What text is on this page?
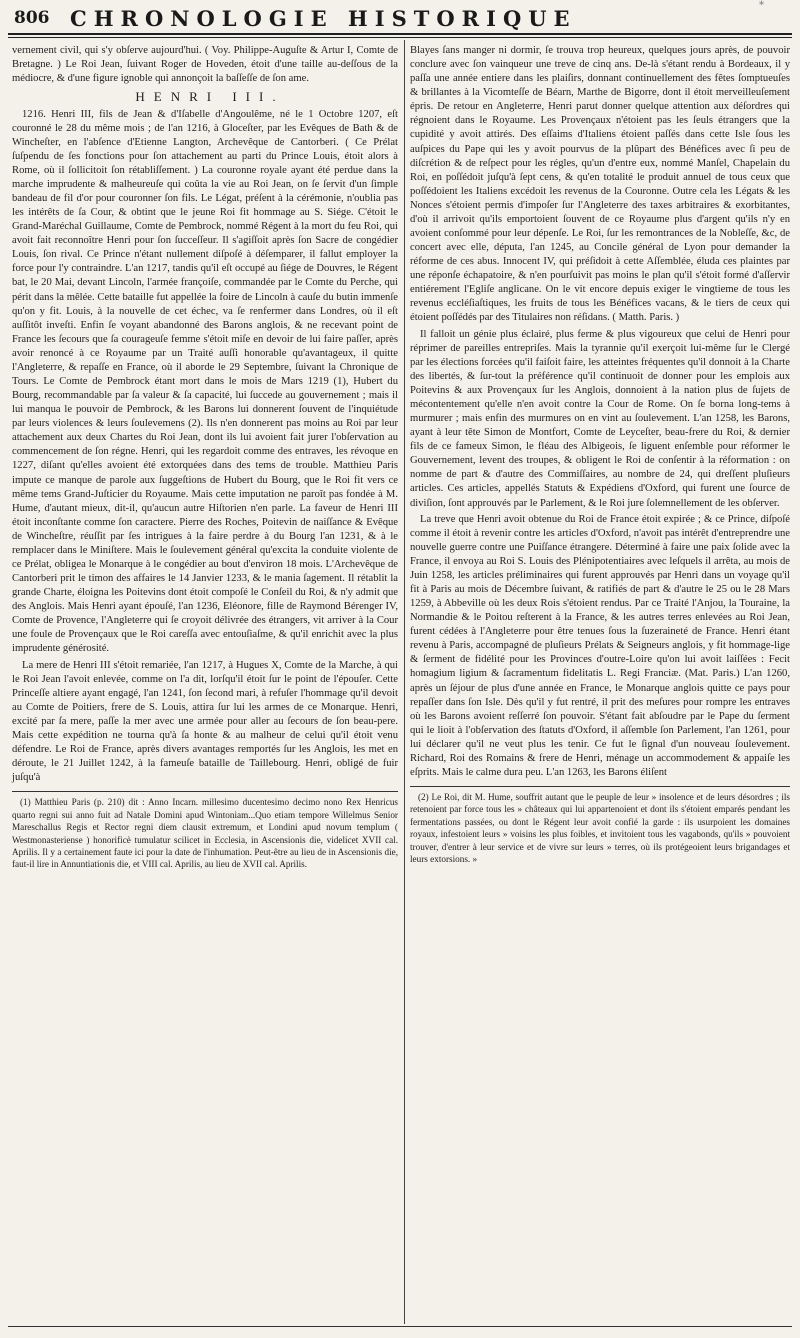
806 CHRONOLOGIE HISTORIQUE
*

vernement civil, qui s'y obſerve aujourd'hui. ( Voy. Philippe-Auguſte & Artur I, Comte de Bretagne. ) Le Roi Jean, ſuivant Roger de Hoveden, étoit d'une taille au-deſſous de la médiocre, & d'une figure ignoble qui annonçoit la baſſeſſe de ſon ame.

HENRI III.

1216. Henri III, fils de Jean & d'Iſabelle d'Angoulême, né le 1 Octobre 1207, eſt couronné le 28 du même mois ; de l'an 1216, à Gloceſter, par les Evêques de Bath & de Wincheſter, en l'abſence d'Etienne Langton, Archevêque de Cantorberi. ( Ce Prélat ſuſpendu de ſes fonctions pour ſon attachement au parti du Prince Louis, étoit alors à Rome, où il ſollicitoit ſon rétabliſſement. ) La couronne royale ayant été perdue dans la marche imprudente & malheureuſe qui coûta la vie au Roi Jean, on ſe ſervit d'un ſimple bandeau de fil d'or pour couronner ſon fils. Le Légat, préſent à la cérémonie, n'oublia pas les intérêts de ſa Cour, & obtint que le jeune Roi fit hommage au S. Siége. C'étoit le Grand-Maréchal Guillaume, Comte de Pembrock, nommé Régent à la mort du feu Roi, qui avoit fait reconnoître Henri pour ſon ſucceſſeur. Il s'agiſſoit après ſon Sacre de congédier Louis, ſon rival. Ce Prince n'étant nullement diſpoſé à déſemparer, il fallut employer la force pour l'y contraindre. L'an 1217, tandis qu'il eſt occupé au ſiége de Douvres, le Régent bat, le 20 Mai, devant Lincoln, l'armée françoiſe, commandée par le Comte du Perche, qui périt dans la mêlée. Cette bataille fut appellée la foire de Lincoln à cauſe du butin immenſe qu'on y fit. Louis, à la nouvelle de cet échec, va ſe renfermer dans Londres, où il eſt auſſitôt inveſti. Enfin ſe voyant abandonné des Barons anglois, & ne recevant point de France les ſecours que ſa courageuſe femme s'étoit miſe en devoir de lui faire paſſer, après avoir renoncé à ce Royaume par un Traité auſſi honorable qu'avantageux, il quitte l'Angleterre, & repaſſe en France, où il aborde le 29 Septembre, ſuivant la Chronique de Tours. Le Comte de Pembrock étant mort dans le mois de Mars 1219 (1), Hubert du Bourg, recommandable par ſa valeur & ſa capacité, lui ſuccede au gouvernement ; mais il lui manqua le pouvoir de Pembrock, & les Barons lui donnerent ſouvent de l'inquiétude par leurs violences & leurs ſoulevemens (2). Ils n'en donnerent pas moins au Roi par leur attachement aux deux Chartes du Roi Jean, dont ils lui avoient fait jurer l'obſervation au commencement de ſon régne. Henri, qui les regardoit comme des entraves, les révoque en 1227, diſant qu'elles avoient été extorquées dans des tems de trouble. Matthieu Paris impute ce manque de parole aux ſuggeſtions de Hubert du Bourg, que le Roi fit vers ce même tems Grand-Juſticier du Royaume. Mais cette imputation ne paroît pas fondée à M. Hume, d'autant mieux, dit-il, qu'aucun autre Hiſtorien n'en parle. La faveur de Henri III étoit inconſtante comme ſon caractere. Pierre des Roches, Poitevin de naiſſance & Evêque de Wincheſtre, réuſſit par ſes intrigues à la faire perdre à du Bourg l'an 1231, & à le remplacer dans le Miniſtere. Mais le ſoulevement général qu'excita la conduite violente de ce Prélat, obligea le Monarque à le congédier au bout d'environ 18 mois. L'Archevêque de Cantorberi prit le timon des affaires le 14 Janvier 1233, & le mania ſagement. Il rétablit la grande Charte, éloigna les Poitevins dont étoit compoſé le Conſeil du Roi, & n'y admit que des Anglois. Mais Henri ayant épouſé, l'an 1236, Eléonore, fille de Raymond Bérenger IV, Comte de Provence, l'Angleterre qui ſe croyoit délivrée des étrangers, vit arriver à la Cour une foule de Provençaux que le Roi careſſa avec entouſiaſme, & qu'il enrichit avec la plus imprudente générosité.

La mere de Henri III s'étoit remariée, l'an 1217, à Hugues X, Comte de la Marche, à qui le Roi Jean l'avoit enlevée, comme on l'a dit, lorſqu'il étoit ſur le point de l'épouſer. Cette Princeſſe altiere ayant engagé, l'an 1241, ſon ſecond mari, à refuſer l'hommage qu'il devoit au Comte de Poitiers, frere de S. Louis, attira ſur lui les armes de ce Monarque. Henri, excité par ſa mere, paſſe la mer avec une armée pour aller au ſecours de ſon beau-pere. Mais cette expédition ne tourna qu'à ſa honte & au malheur de celui qu'il étoit venu défendre. Le Roi de France, après divers avantages remportés ſur les Anglois, les met en déroute, le 21 Juillet 1242, à la fameuſe bataille de Taillebourg. Henri, obligé de fuir juſqu'à

(1) Matthieu Paris (p. 210) dit : Anno Incarn. millesimo ducentesimo decimo nono Rex Henricus quarto regni sui anno fuit ad Natale Domini apud Wintoniam...Quo etiam tempore Willelmus Senior Mareschallus Regis et Rector regni diem clausit extremum, et Londini apud novum templum ( Westmonasteriense ) honorificè tumulatur scilicet in Ecclesia, in Ascensionis die, videlicet XVII cal. Aprilis. Il y a certainement faute ici pour la date de l'inhumation. Peut-être au lieu de in Ascensionis die, faut-il lire in Annuntiationis die, et VIII cal. Aprilis, au lieu de XVII cal. Aprilis.

Blayes ſans manger ni dormir, ſe trouva trop heureux, quelques jours après, de pouvoir conclure avec ſon vainqueur une treve de cinq ans. De-là s'étant rendu à Bordeaux, il y paſſa une année entiere dans les plaiſirs, donnant continuellement des fêtes ſomptueuſes & brillantes à la Vicomteſſe de Béarn, Marthe de Bigorre, dont il étoit merveilleuſement épris. De retour en Angleterre, Henri parut donner quelque attention aux déſordres qui régnoient dans le Royaume. Les Provençaux n'étoient pas les ſeuls étrangers que la cupidité y avoit attirés. Des eſſaims d'Italiens étoient paſſés dans cette Isle ſous les auſpices du Pape qui les y avoit pourvus de la plûpart des Bénéfices avec ſi peu de diſcrétion & de reſpect pour les régles, qu'un d'entre eux, nommé Manſel, Chapelain du Roi, en poſſédoit juſqu'à ſept cens, & qu'en totalité le produit annuel de tous ceux que poſſédoient les Italiens excédoit les revenus de la Couronne. Outre cela les Légats & les Nonces s'étoient permis d'impoſer ſur l'Angleterre des taxes arbitraires & exorbitantes, d'où il arrivoit qu'ils emportoient ſouvent de ce Royaume plus d'argent qu'ils n'y en avoient conſommé pour leur dépenſe. Le Roi, ſur les remontrances de la Nobleſſe, &c, de concert avec elle, députa, l'an 1245, au Concile général de Lyon pour demander la réforme de ces abus. Innocent IV, qui préſidoit à cette Aſſemblée, éluda ces plaintes par une réponſe échapatoire, & n'en pourſuivit pas moins le plan qu'il s'étoit formé d'aſſervir entiérement l'Egliſe anglicane. On le vit encore depuis exiger le vingtieme de tous les revenus eccléſiaſtiques, les fruits de tous les Bénéfices vacans, & le tiers de ceux qui étoient poſſédés par des Titulaires non réſidans. ( Matth. Paris. )

Il falloit un génie plus éclairé, plus ferme & plus vigoureux que celui de Henri pour réprimer de pareilles entrepriſes. Mais la tyrannie qu'il exerçoit lui-même ſur le Clergé par les élections forcées qu'il faiſoit faire, les atteintes fréquentes qu'il donnoit à la Charte des libertés, & ſur-tout la préférence qu'il continuoit de donner pour les emplois aux Poitevins & aux Provençaux ſur les Anglois, donnoient à la nation plus de ſujets de mécontentement qu'elle n'en avoit contre la Cour de Rome. On ſe borna long-tems à murmurer ; mais enfin des murmures on en vint au ſoulevement. L'an 1258, les Barons, ayant à leur tête Simon de Montfort, Comte de Leyceſter, beau-frere du Roi, & dernier fils de ce fameux Simon, le fléau des Albigeois, ſe liguent enſemble pour réformer le Gouvernement, levent des troupes, & obligent le Roi de conſentir à la réformation : on nomme de part & d'autre des Commiſſaires, au nombre de 24, qui dreſſent pluſieurs articles. Ces articles, appellés Statuts & Expédiens d'Oxford, qui furent une ſource de diviſion, ſont approuvés par le Parlement, & le Roi jure ſolemnellement de les obſerver.

La treve que Henri avoit obtenue du Roi de France étoit expirée ; & ce Prince, diſpoſé comme il étoit à revenir contre les articles d'Oxford, n'avoit pas intérêt d'entreprendre une nouvelle guerre contre une Puiſſance étrangere. Déterminé à faire une paix ſolide avec la France, il envoya au Roi S. Louis des Plénipotentiaires avec leſquels il arrêta, au mois de Juin 1258, les articles préliminaires qui furent approuvés par Henri dans un voyage qu'il fit à Paris au mois de Décembre ſuivant, & ratifiés de part & d'autre le 25 ou le 28 Mars 1259, à Abbeville où les deux Rois s'étoient rendus. Par ce Traité l'Anjou, la Touraine, la Normandie & le Poitou reſterent à la France, & les autres terres enlevées au Roi Jean, furent cédées à l'Angleterre pour être tenues ſous la ſuzeraineté de France. Henri étant revenu à Paris, accompagné de pluſieurs Prélats & Seigneurs anglois, y fit hommage-lige & ſerment de fidélité pour les Provinces d'outre-Loire qu'on lui avoit laiſſées : Fecit homagium ligium & ſacramentum fidelitatis L. Regi Franciæ. (Mat. Paris.) L'an 1260, après un ſéjour de plus d'une année en France, le Monarque anglois quitte ce pays pour repaſſer dans ſon Isle. Dès qu'il y fut rentré, il prit des meſures pour rompre les entraves où les Barons avoient reſſerré ſon pouvoir. S'étant fait abſoudre par le Pape du ſerment qui le lioit à l'obſervation des ſtatuts d'Oxford, il aſſemble ſon Parlement, l'an 1261, pour lui déclarer qu'il ne veut plus les tenir. Ce fut le ſignal d'un nouveau ſoulevement. Richard, Roi des Romains & frere de Henri, ménage un accommodement & appaiſe les eſprits. Mais le calme dura peu. L'an 1263, les Barons éliſent

(2) Le Roi, dit M. Hume, souffrit autant que le peuple de leur » insolence et de leurs désordres ; ils retenoient par force tous les » châteaux qui lui appartenoient et dont ils s'étoient emparés pendant les fermentations passées, ou dont le Régent leur avoit confié la garde : ils usurpoient les domaines royaux, infestoient leurs » voisins les plus foibles, et invitoient tous les vagabonds, qu'ils » pouvoient trouver, d'entrer à leur service et de vivre sur leurs » terres, où ils protégeoient leurs brigandages et leurs extorsions. »
